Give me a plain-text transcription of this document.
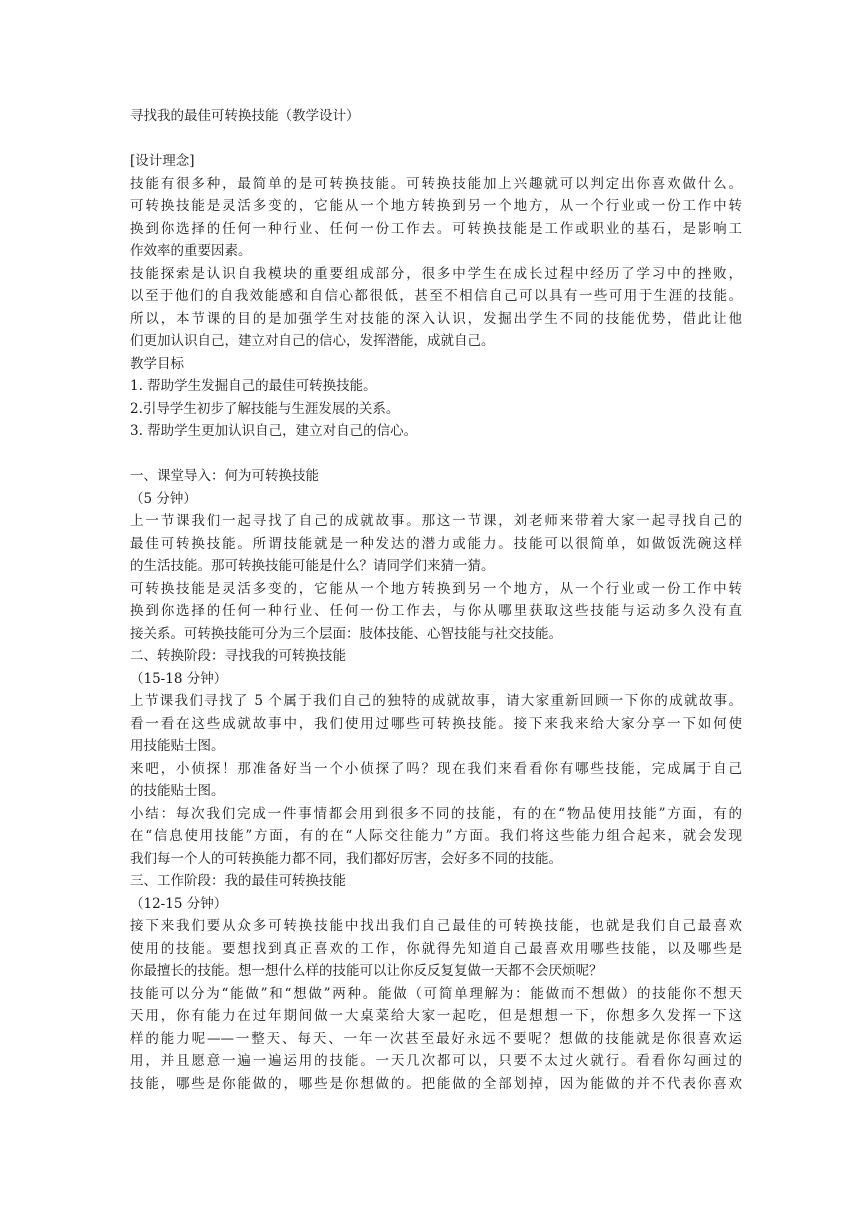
寻找我的最佳可转换技能（教学设计）
[设计理念]
技能有很多种，最简单的是可转换技能。可转换技能加上兴趣就可以判定出你喜欢做什么。
可转换技能是灵活多变的，它能从一个地方转换到另一个地方，从一个行业或一份工作中转
换到你选择的任何一种行业、任何一份工作去。可转换技能是工作或职业的基石，是影响工
作效率的重要因素。
技能探索是认识自我模块的重要组成部分，很多中学生在成长过程中经历了学习中的挫败，
以至于他们的自我效能感和自信心都很低，甚至不相信自己可以具有一些可用于生涯的技能。
所以，本节课的目的是加强学生对技能的深入认识，发掘出学生不同的技能优势，借此让他
们更加认识自己，建立对自己的信心，发挥潜能，成就自己。
教学目标
1. 帮助学生发掘自己的最佳可转换技能。
2.引导学生初步了解技能与生涯发展的关系。
3. 帮助学生更加认识自己，建立对自己的信心。
一、课堂导入：何为可转换技能
（5 分钟）
上一节课我们一起寻找了自己的成就故事。那这一节课，刘老师来带着大家一起寻找自己的
最佳可转换技能。所谓技能就是一种发达的潜力或能力。技能可以很简单，如做饭洗碗这样
的生活技能。那可转换技能可能是什么？请同学们来猜一猜。
可转换技能是灵活多变的，它能从一个地方转换到另一个地方，从一个行业或一份工作中转
换到你选择的任何一种行业、任何一份工作去，与你从哪里获取这些技能与运动多久没有直
接关系。可转换技能可分为三个层面：肢体技能、心智技能与社交技能。
二、转换阶段：寻找我的可转换技能
（15-18 分钟）
上节课我们寻找了 5 个属于我们自己的独特的成就故事，请大家重新回顾一下你的成就故事。
看一看在这些成就故事中，我们使用过哪些可转换技能。接下来我来给大家分享一下如何使
用技能贴士图。
来吧，小侦探！那准备好当一个小侦探了吗？现在我们来看看你有哪些技能，完成属于自己
的技能贴士图。
小结：每次我们完成一件事情都会用到很多不同的技能，有的在“物品使用技能”方面，有的
在“信息使用技能”方面，有的在“人际交往能力”方面。我们将这些能力组合起来，就会发现
我们每一个人的可转换能力都不同，我们都好厉害，会好多不同的技能。
三、工作阶段：我的最佳可转换技能
（12-15 分钟）
接下来我们要从众多可转换技能中找出我们自己最佳的可转换技能，也就是我们自己最喜欢
使用的技能。要想找到真正喜欢的工作，你就得先知道自己最喜欢用哪些技能，以及哪些是
你最擅长的技能。想一想什么样的技能可以让你反反复复做一天都不会厌烦呢？
技能可以分为“能做”和“想做”两种。能做（可简单理解为：能做而不想做）的技能你不想天
天用，你有能力在过年期间做一大桌菜给大家一起吃，但是想想一下，你想多久发挥一下这
样的能力呢——一整天、每天、一年一次甚至最好永远不要呢？想做的技能就是你很喜欢运
用，并且愿意一遍一遍运用的技能。一天几次都可以，只要不太过火就行。看看你勾画过的
技能，哪些是你能做的，哪些是你想做的。把能做的全部划掉，因为能做的并不代表你喜欢
